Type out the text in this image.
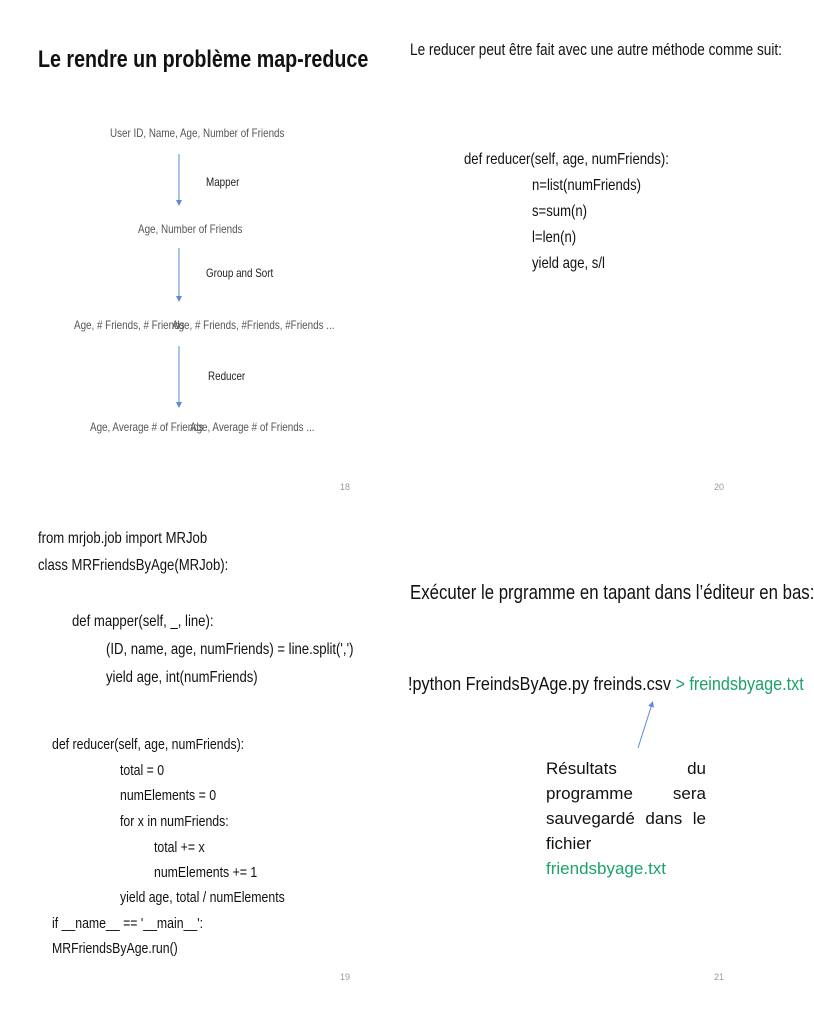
Le rendre un problème map-reduce
User ID, Name, Age, Number of Friends
Mapper
Age, Number of Friends
Group and Sort
Age, # Friends, # Friends
Age, # Friends, #Friends, #Friends ...
Reducer
Age, Average # of Friends
Age, Average # of Friends ...
18
Le reducer peut être fait avec une autre méthode comme suit:
def reducer(self, age, numFriends):
n=list(numFriends)
s=sum(n)
l=len(n)
yield age, s/l
20
from mrjob.job import MRJob
class MRFriendsByAge(MRJob):
def mapper(self, _, line):
(ID, name, age, numFriends) = line.split(',')
yield age, int(numFriends)
def reducer(self, age, numFriends):
total = 0
numElements = 0
for x in numFriends:
total += x
numElements += 1
yield age, total / numElements
if __name__ == '__main__':
MRFriendsByAge.run()
19
Exécuter le prgramme en tapant dans l’éditeur en bas:
!python FreindsByAge.py freinds.csv > freindsbyage.txt
Résultats du programme sera sauvegardé dans le fichier friendsbyage.txt
21
